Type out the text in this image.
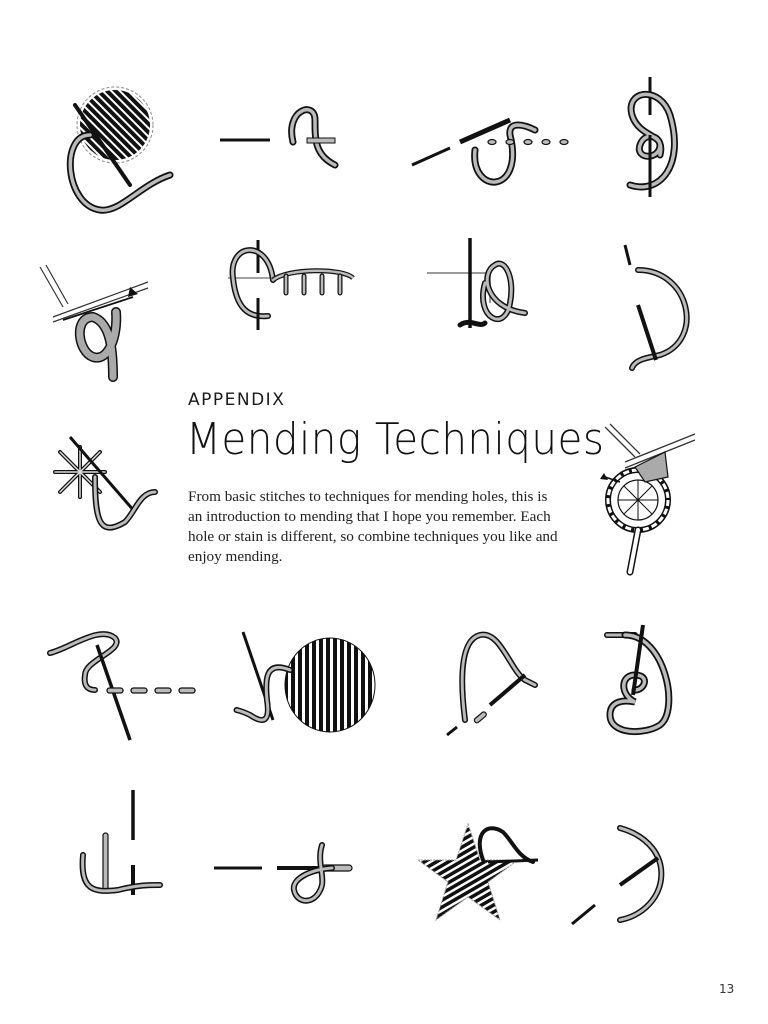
APPENDIX
Mending Techniques
From basic stitches to techniques for mending holes, this is an introduction to mending that I hope you remember. Each hole or stain is different, so combine techniques you like and enjoy mending.
13
